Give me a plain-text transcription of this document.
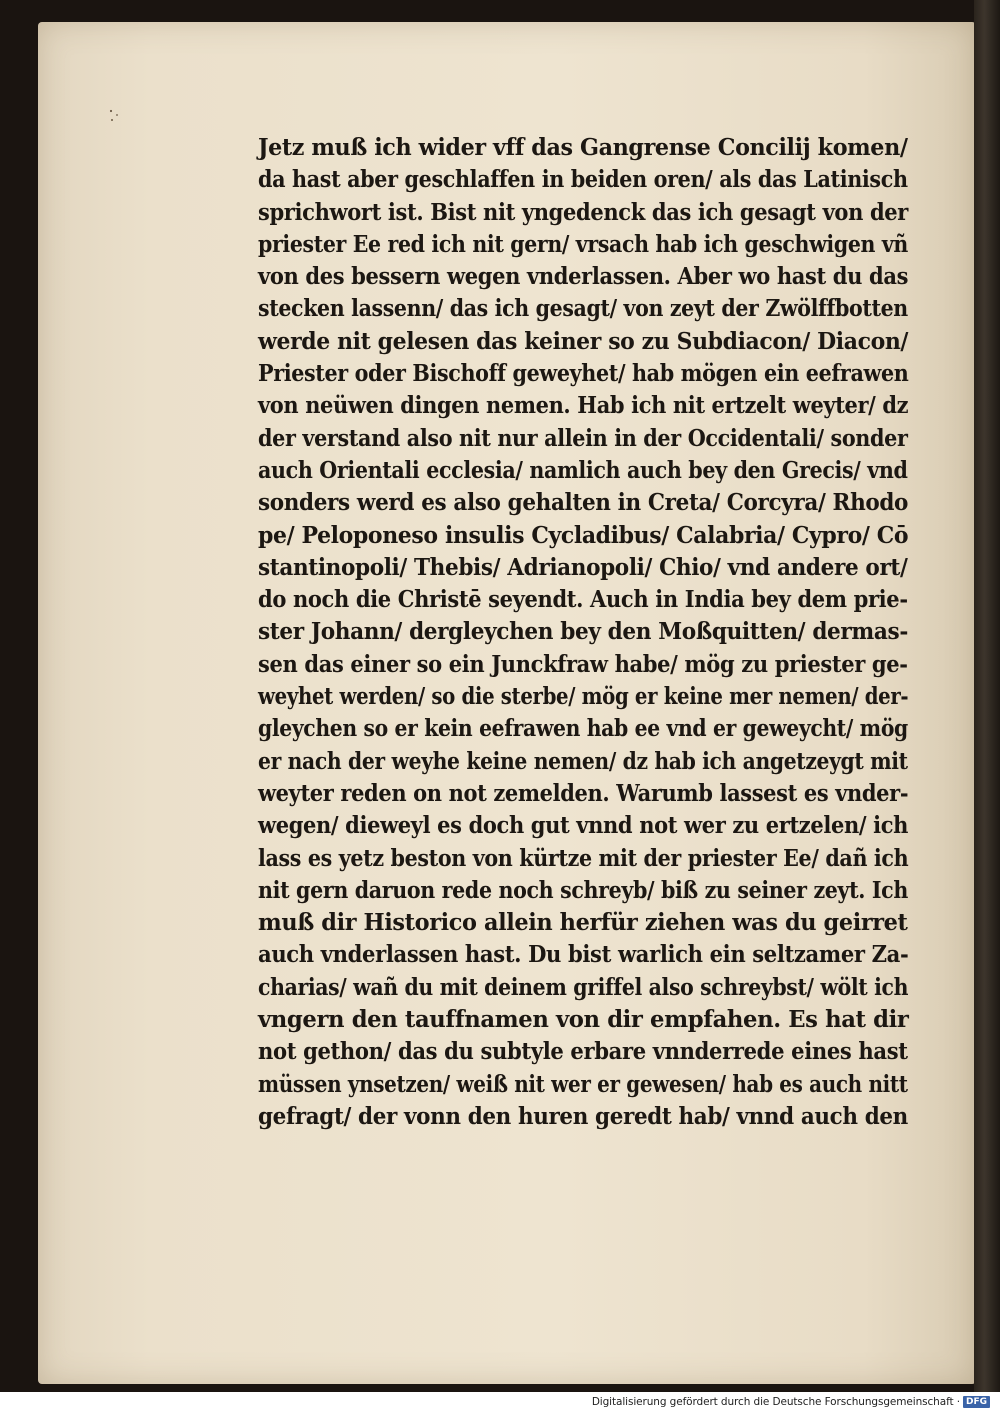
Jetz muß ich wider vff das Gangrense Concilij komen/
da hast aber geschlaffen in beiden oren/ als das Latinisch
sprichwort ist. Bist nit yngedenck das ich gesagt von der
priester Ee red ich nit gern/ vrsach hab ich geschwigen vñ
von des bessern wegen vnderlassen. Aber wo hast du das
stecken lassenn/ das ich gesagt/ von zeyt der Zwölffbotten
werde nit gelesen das keiner so zu Subdiacon/ Diacon/
Priester oder Bischoff geweyhet/ hab mögen ein eefrawen
von neüwen dingen nemen. Hab ich nit ertzelt weyter/ dz
der verstand also nit nur allein in der Occidentali/ sonder
auch Orientali ecclesia/ namlich auch bey den Grecis/ vnd
sonders werd es also gehalten in Creta/ Corcyra/ Rhodo
pe/ Peloponeso insulis Cycladibus/ Calabria/ Cypro/ Cō
stantinopoli/ Thebis/ Adrianopoli/ Chio/ vnd andere ort/
do noch die Christē seyendt. Auch in India bey dem prie-
ster Johann/ dergleychen bey den Moßquitten/ dermas-
sen das einer so ein Junckfraw habe/ mög zu priester ge-
weyhet werden/ so die sterbe/ mög er keine mer nemen/ der-
gleychen so er kein eefrawen hab ee vnd er geweycht/ mög
er nach der weyhe keine nemen/ dz hab ich angetzeygt mit
weyter reden on not zemelden. Warumb lassest es vnder-
wegen/ dieweyl es doch gut vnnd not wer zu ertzelen/ ich
lass es yetz beston von kürtze mit der priester Ee/ dañ ich
nit gern daruon rede noch schreyb/ biß zu seiner zeyt. Ich
muß dir Historico allein herfür ziehen was du geirret
auch vnderlassen hast. Du bist warlich ein seltzamer Za-
charias/ wañ du mit deinem griffel also schreybst/ wölt ich
vngern den tauffnamen von dir empfahen. Es hat dir
not gethon/ das du subtyle erbare vnnderrede eines hast
müssen ynsetzen/ weiß nit wer er gewesen/ hab es auch nitt
gefragt/ der vonn den huren geredt hab/ vnnd auch den
Digitalisierung gefördert durch die Deutsche Forschungsgemeinschaft · DFG
